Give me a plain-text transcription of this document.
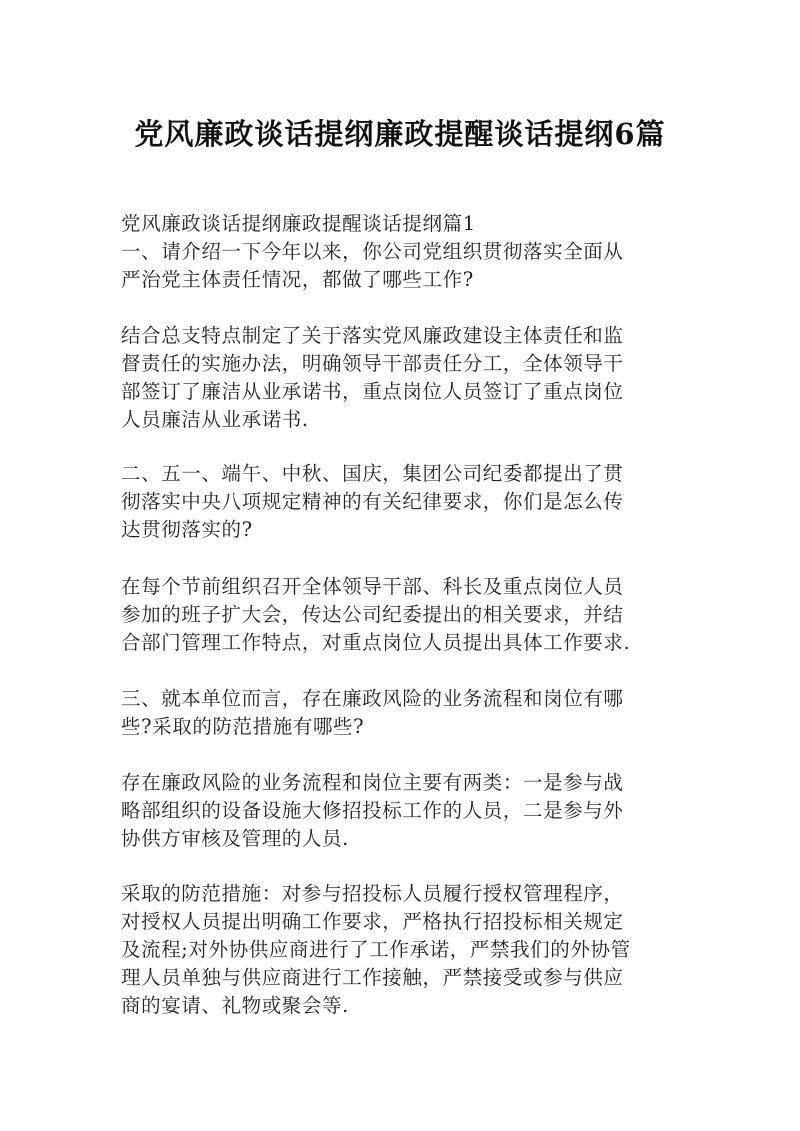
党风廉政谈话提纲廉政提醒谈话提纲6篇
党风廉政谈话提纲廉政提醒谈话提纲篇1
一、请介绍一下今年以来，你公司党组织贯彻落实全面从
严治党主体责任情况，都做了哪些工作?
结合总支特点制定了关于落实党风廉政建设主体责任和监
督责任的实施办法，明确领导干部责任分工，全体领导干
部签订了廉洁从业承诺书，重点岗位人员签订了重点岗位
人员廉洁从业承诺书.
二、五一、端午、中秋、国庆，集团公司纪委都提出了贯
彻落实中央八项规定精神的有关纪律要求，你们是怎么传
达贯彻落实的?
在每个节前组织召开全体领导干部、科长及重点岗位人员
参加的班子扩大会，传达公司纪委提出的相关要求，并结
合部门管理工作特点，对重点岗位人员提出具体工作要求.
三、就本单位而言，存在廉政风险的业务流程和岗位有哪
些?采取的防范措施有哪些?
存在廉政风险的业务流程和岗位主要有两类：一是参与战
略部组织的设备设施大修招投标工作的人员，二是参与外
协供方审核及管理的人员.
采取的防范措施：对参与招投标人员履行授权管理程序，
对授权人员提出明确工作要求，严格执行招投标相关规定
及流程;对外协供应商进行了工作承诺，严禁我们的外协管
理人员单独与供应商进行工作接触，严禁接受或参与供应
商的宴请、礼物或聚会等.
